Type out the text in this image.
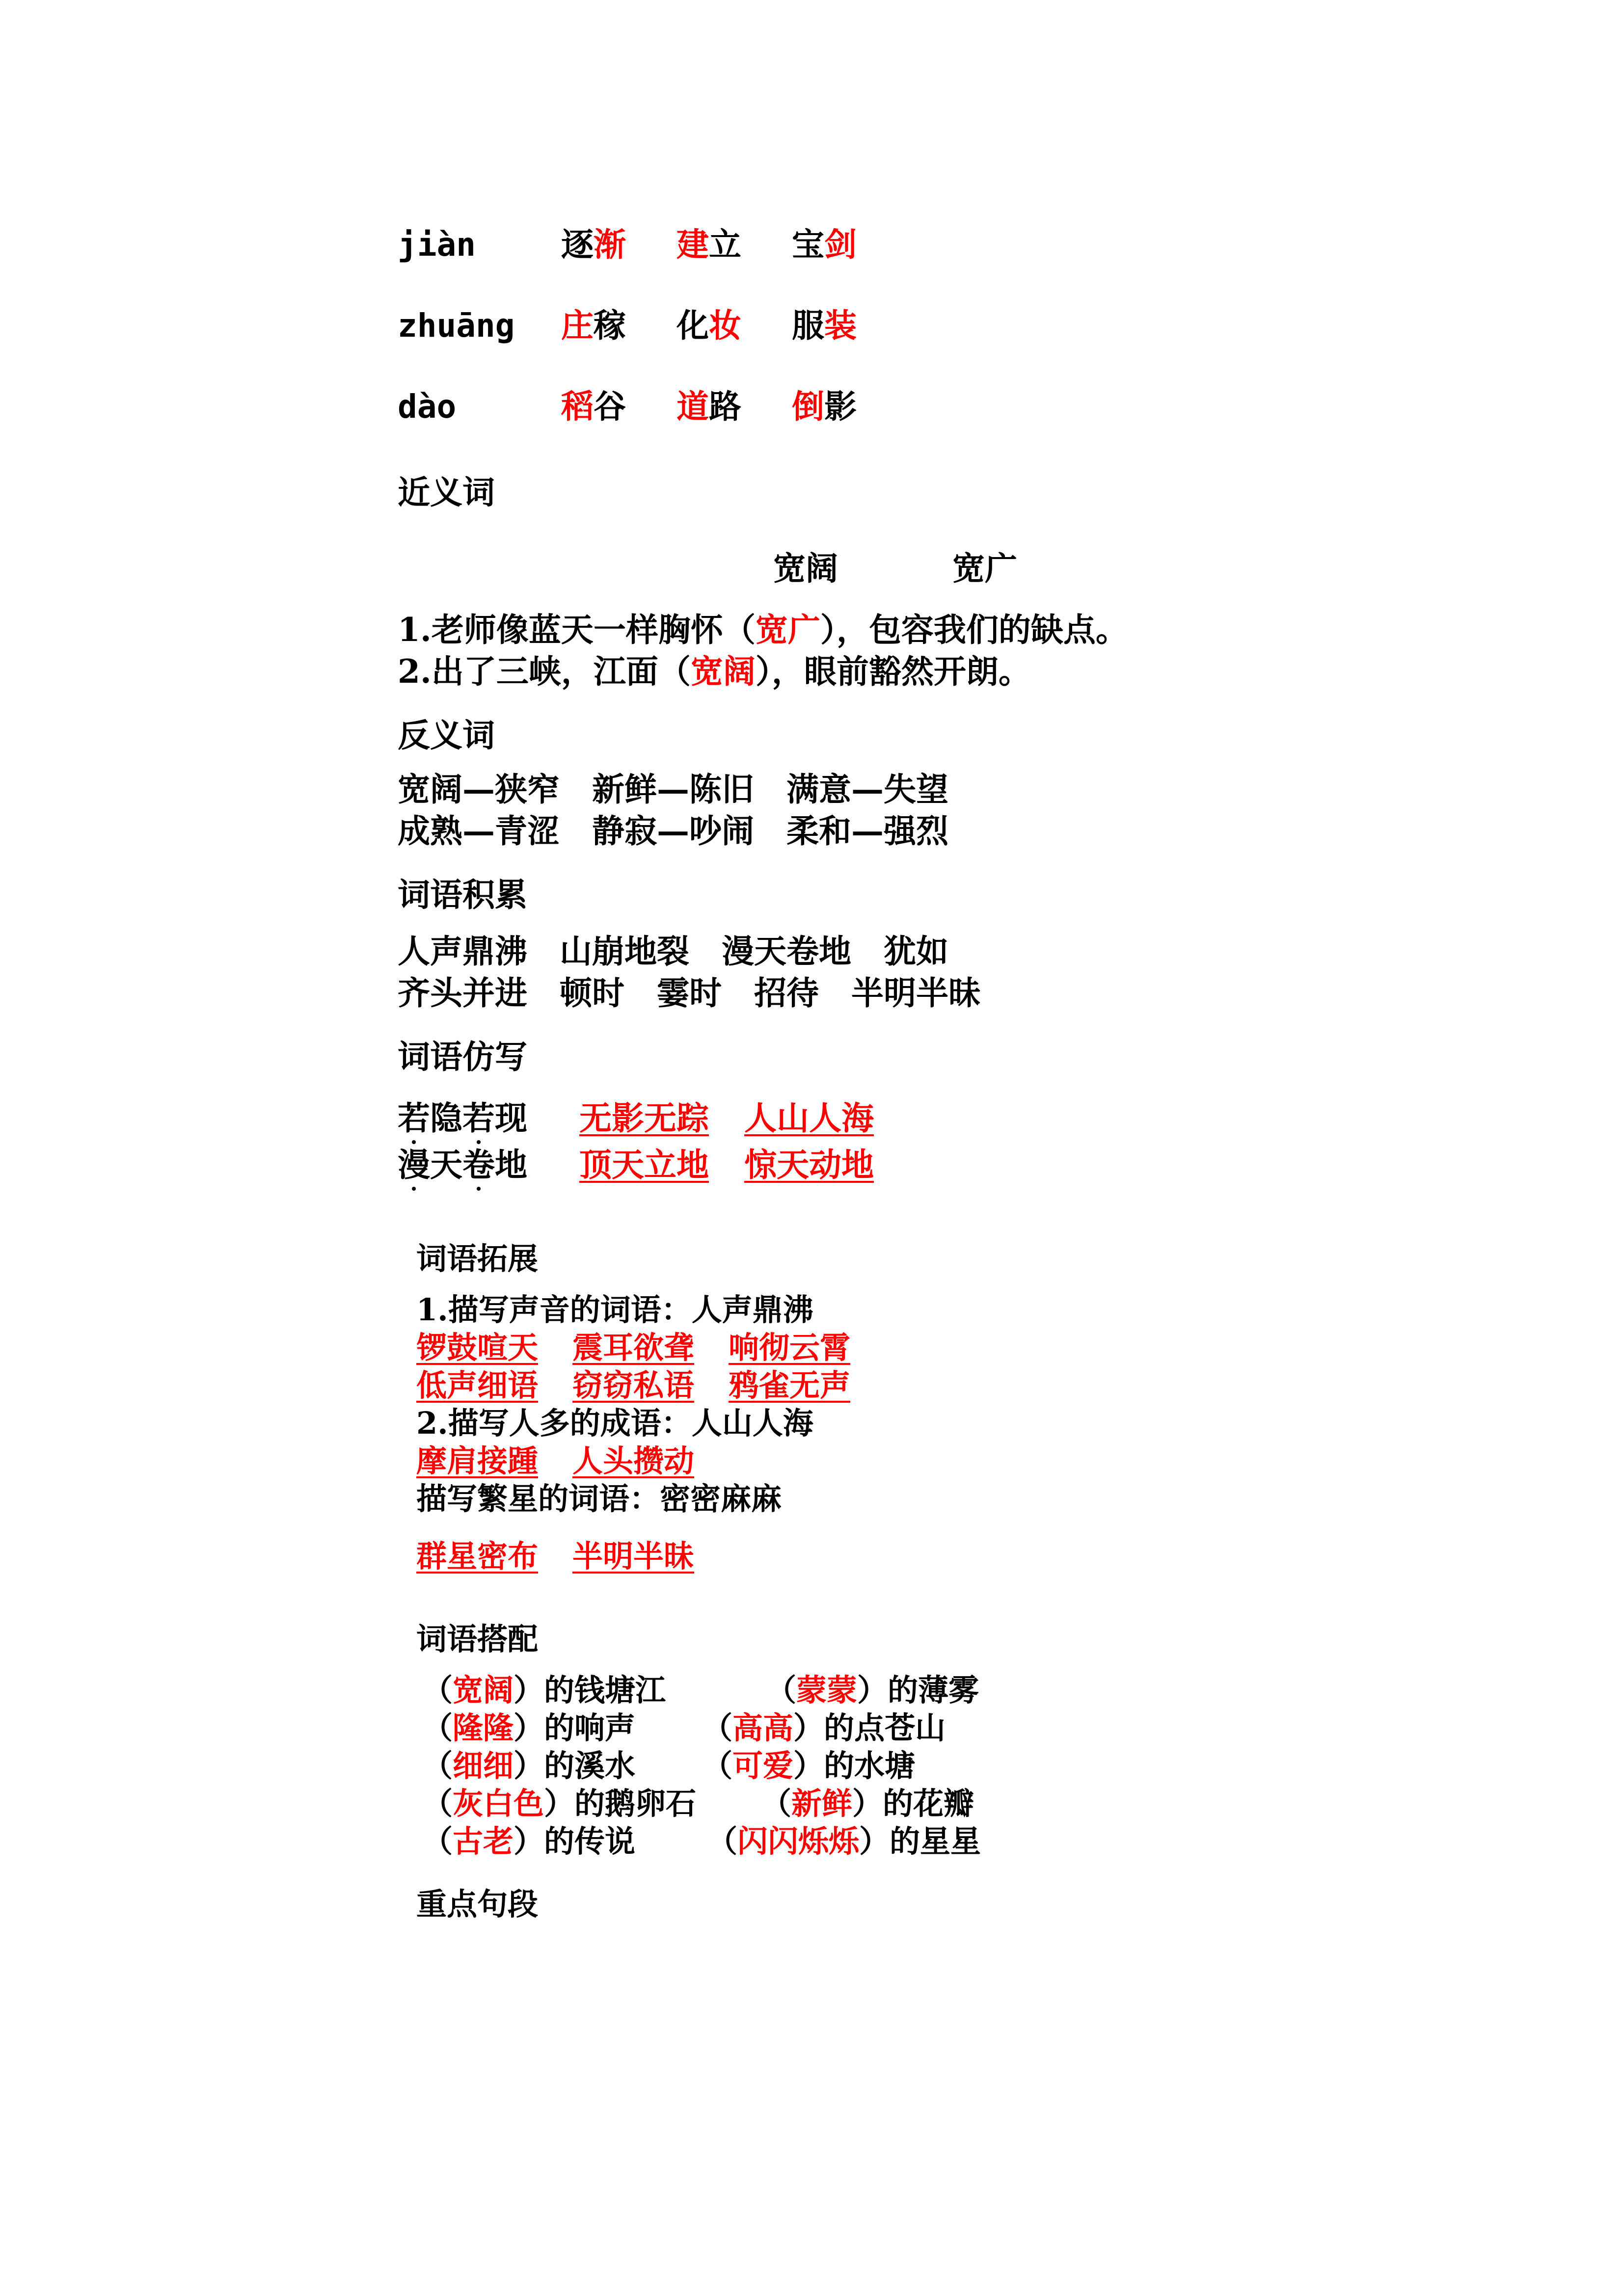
jiàn	逐渐 建立 宝剑
zhuāng 庄稼 化妆 服装
dào	稻谷 道路 倒影
近义词
宽阔	宽广
1.老师像蓝天一样胸怀（宽广），包容我们的缺点。
2.出了三峡，江面（宽阔），眼前豁然开朗。
反义词
宽阔—狭窄　新鲜—陈旧　满意—失望
成熟—青涩　静寂—吵闹　柔和—强烈
词语积累
人声鼎沸　山崩地裂　漫天卷地　犹如
齐头并进　顿时　霎时　招待　半明半昧
词语仿写
若隐若现 无影无踪 人山人海
漫天卷地 顶天立地 惊天动地
词语拓展
1.描写声音的词语：人声鼎沸
锣鼓喧天 震耳欲聋 响彻云霄
低声细语 窃窃私语 鸦雀无声
2.描写人多的成语：人山人海
摩肩接踵 人头攒动
描写繁星的词语：密密麻麻
群星密布 半明半昧
词语搭配
（宽阔）的钱塘江	（蒙蒙）的薄雾
（隆隆）的响声 （高高）的点苍山
（细细）的溪水 （可爱）的水塘
（灰白色）的鹅卵石 （新鲜）的花瓣
（古老）的传说 （闪闪烁烁）的星星
重点句段
